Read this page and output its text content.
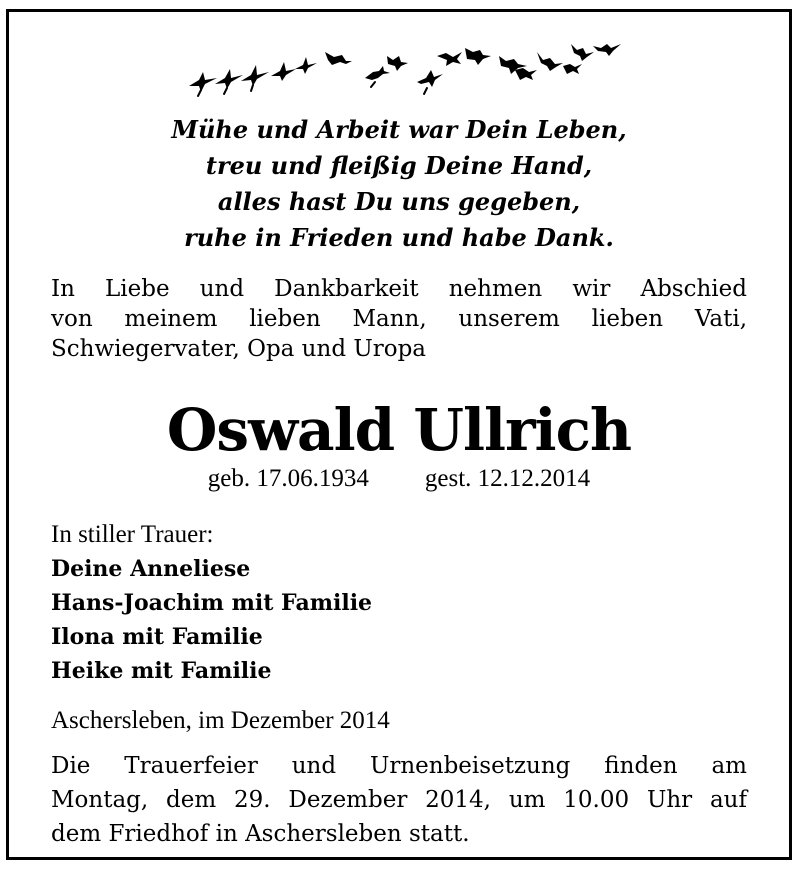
Mühe und Arbeit war Dein Leben,
treu und fleißig Deine Hand,
alles hast Du uns gegeben,
ruhe in Frieden und habe Dank.
In Liebe und Dankbarkeit nehmen wir Abschied
von meinem lieben Mann, unserem lieben Vati,
Schwiegervater, Opa und Uropa
Oswald Ullrich
geb. 17.06.1934 gest. 12.12.2014
In stiller Trauer:
Deine Anneliese
Hans-Joachim mit Familie
Ilona mit Familie
Heike mit Familie
Aschersleben, im Dezember 2014
Die Trauerfeier und Urnenbeisetzung finden am
Montag, dem 29. Dezember 2014, um 10.00 Uhr auf
dem Friedhof in Aschersleben statt.
